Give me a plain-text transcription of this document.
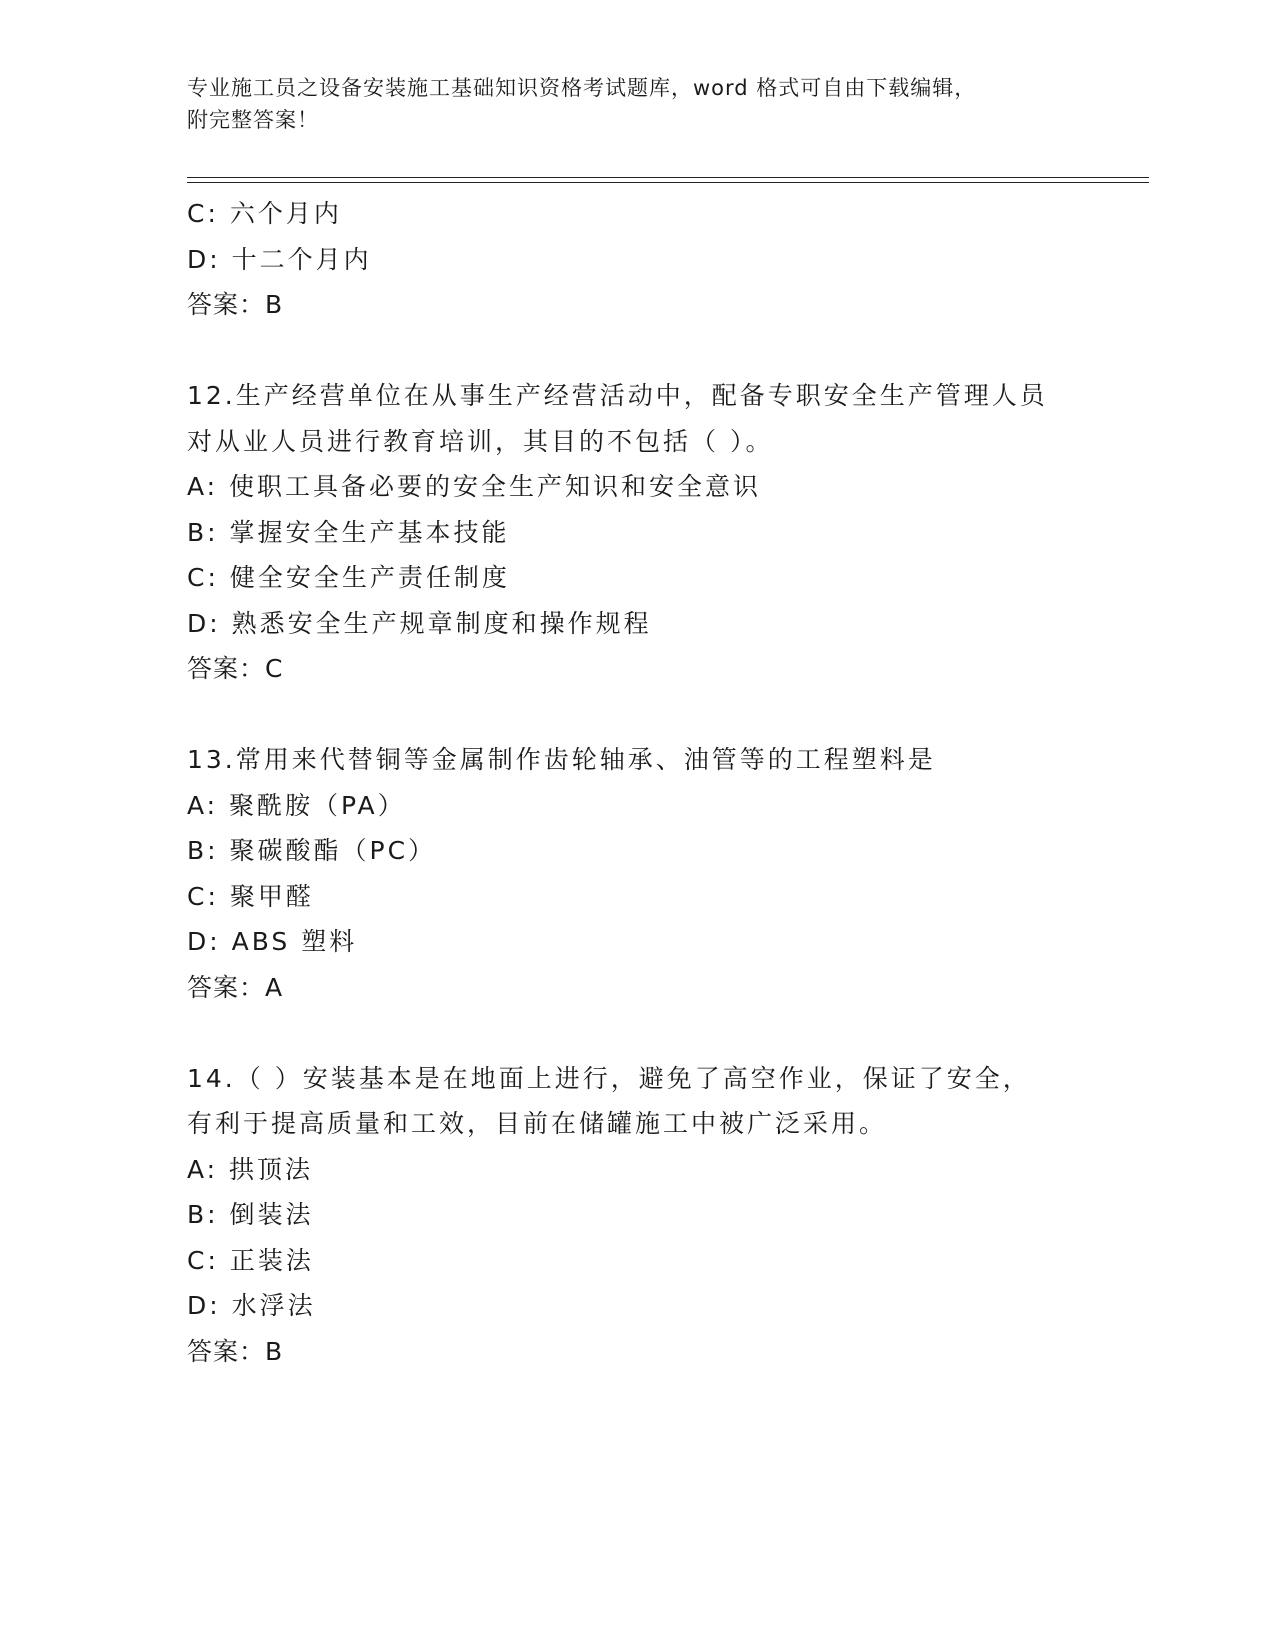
专业施工员之设备安装施工基础知识资格考试题库，word 格式可自由下载编辑，
附完整答案！
C: 六个月内
D: 十二个月内
答案：B
12.生产经营单位在从事生产经营活动中，配备专职安全生产管理人员
对从业人员进行教育培训，其目的不包括（ ）。
A: 使职工具备必要的安全生产知识和安全意识
B: 掌握安全生产基本技能
C: 健全安全生产责任制度
D: 熟悉安全生产规章制度和操作规程
答案：C
13.常用来代替铜等金属制作齿轮轴承、油管等的工程塑料是
A: 聚酰胺（PA）
B: 聚碳酸酯（PC）
C: 聚甲醛
D: ABS 塑料
答案：A
14.（ ）安装基本是在地面上进行，避免了高空作业，保证了安全，
有利于提高质量和工效，目前在储罐施工中被广泛采用。
A: 拱顶法
B: 倒装法
C: 正装法
D: 水浮法
答案：B
